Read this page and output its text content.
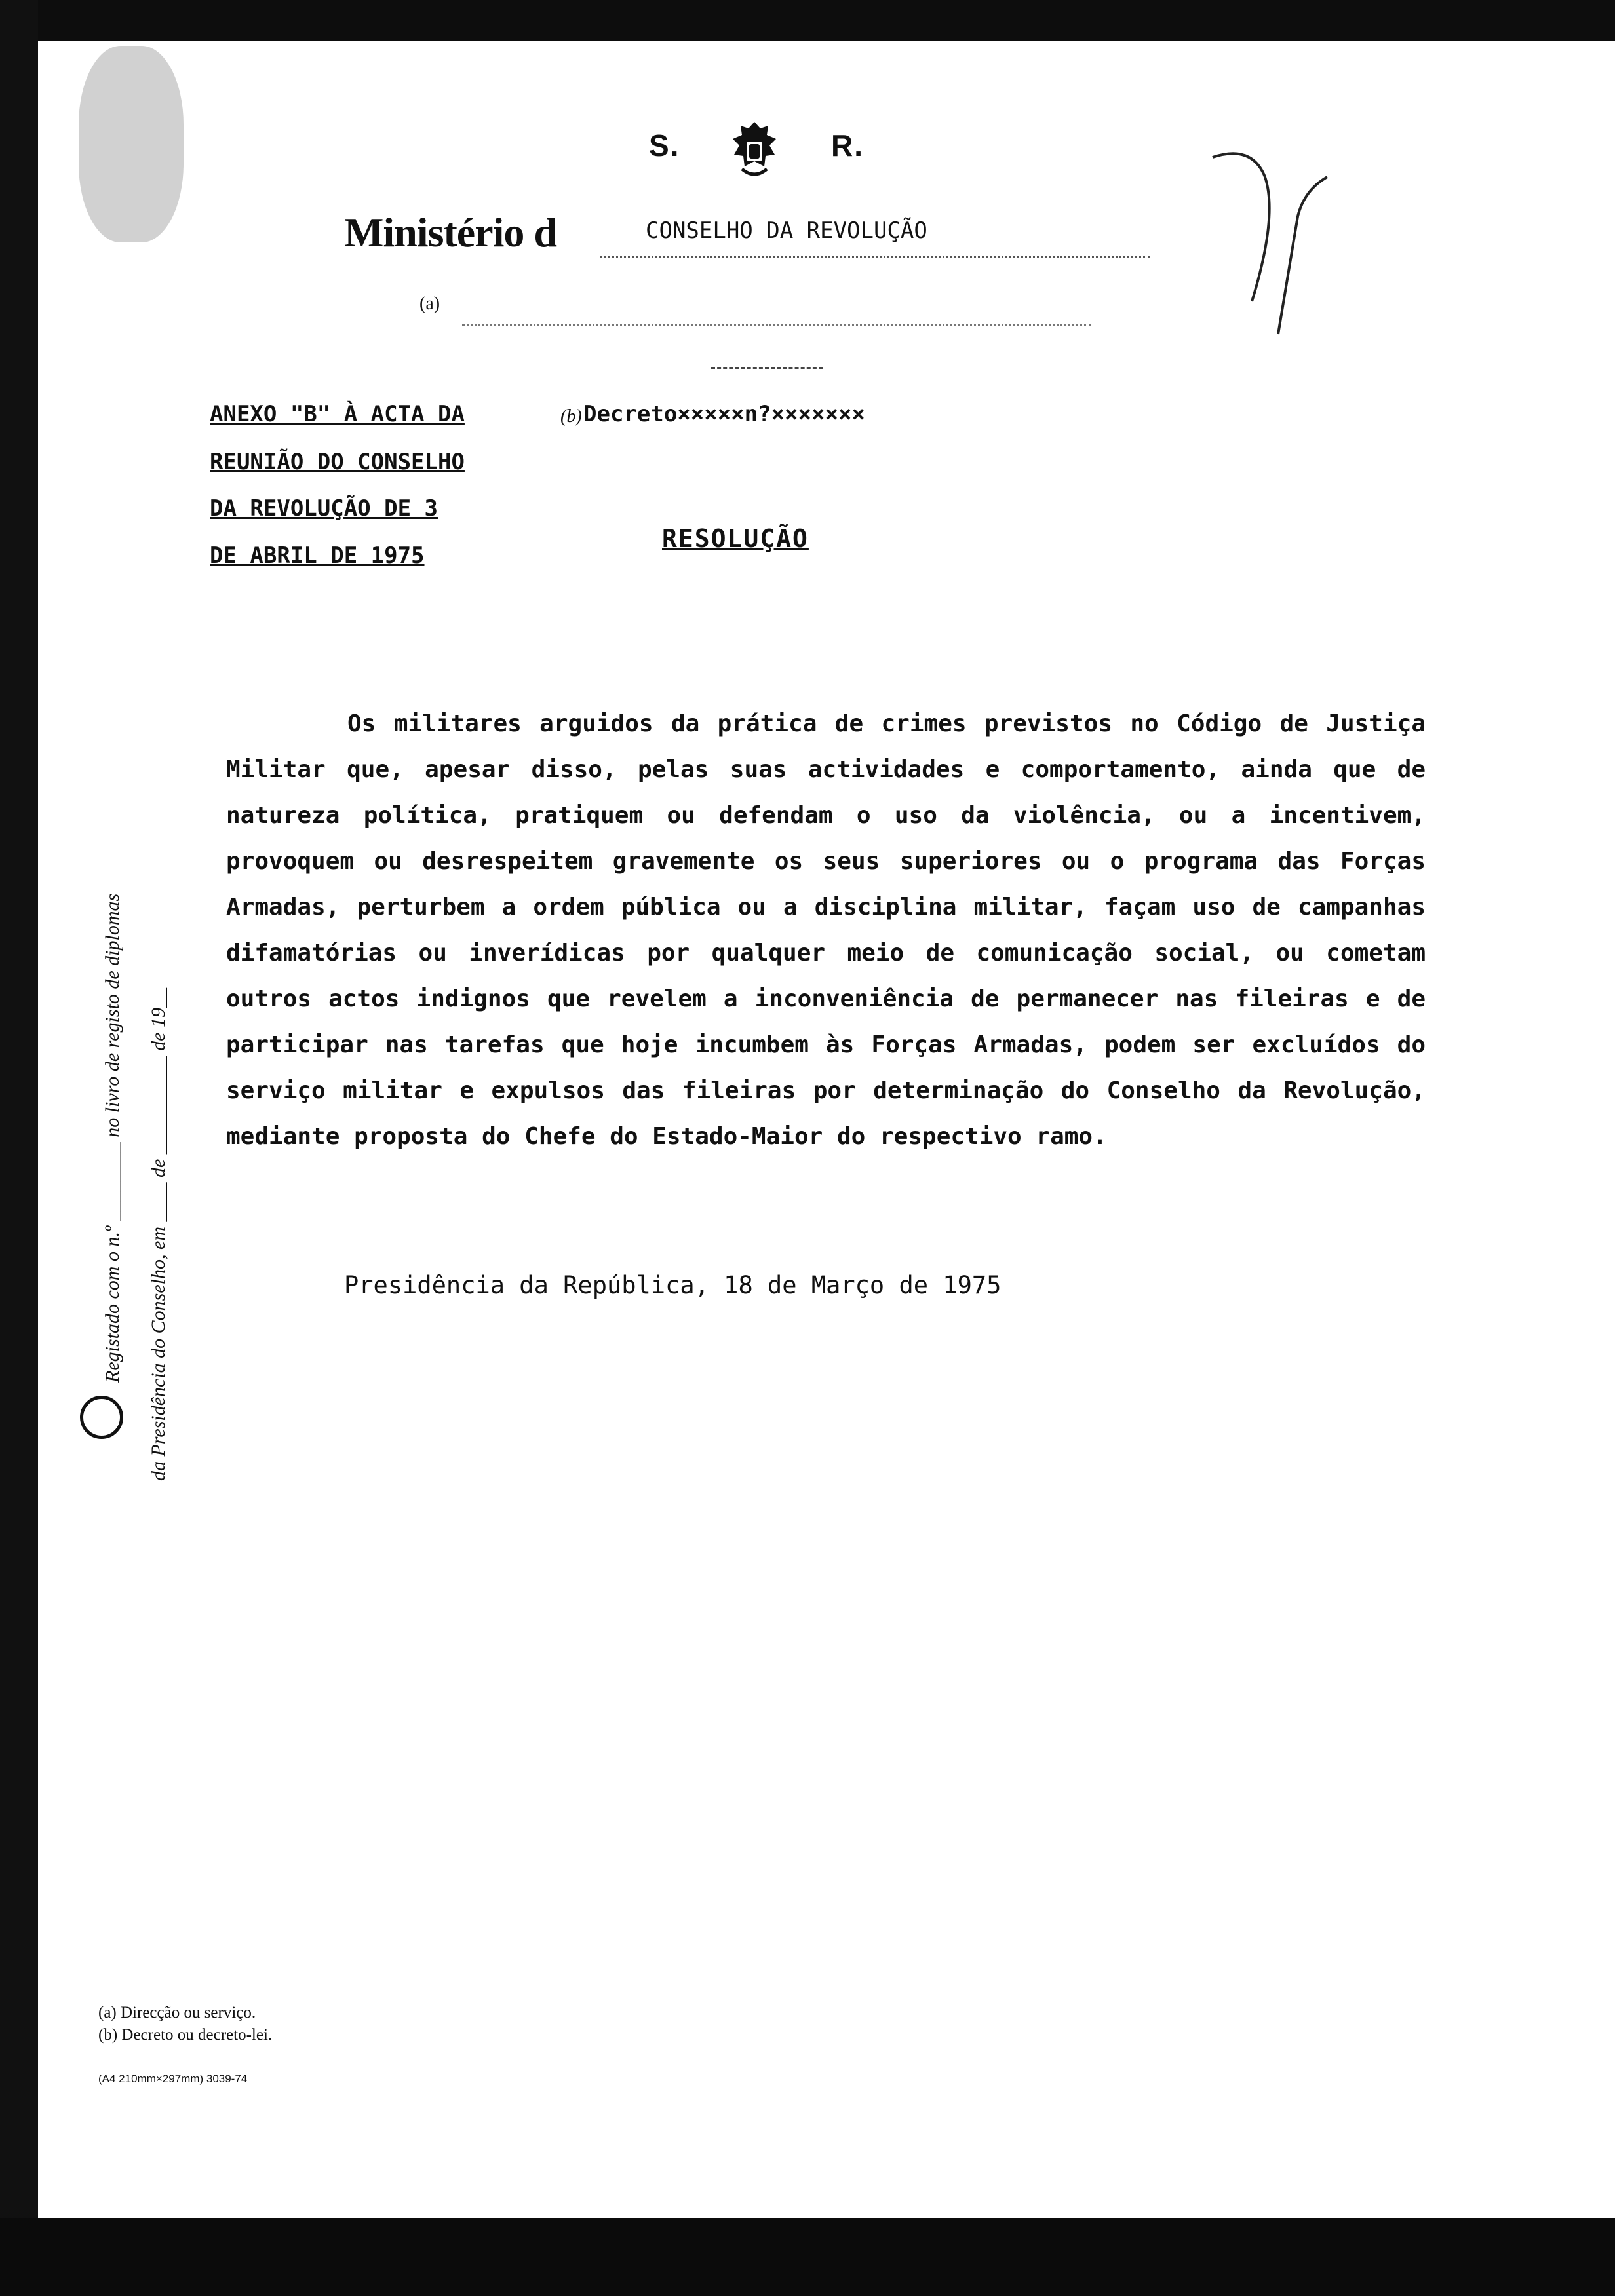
S.	R.
Ministério d	CONSELHO DA REVOLUÇÃO
(a)
ANEXO "B" À ACTA DA
REUNIÃO DO CONSELHO
DA REVOLUÇÃO DE 3
DE ABRIL DE 1975
(b) Decreto×××××n?×××××××
RESOLUÇÃO
Os militares arguidos da prática de crimes previstos no Código de Justiça Militar que, apesar disso, pelas suas actividades e comportamento, ainda que de natureza política, pratiquem ou defendam o uso da violência, ou a incentivem, provoquem ou desrespeitem gravemente os seus superiores ou o programa das Forças Armadas, perturbem a ordem pública ou a disciplina militar, façam uso de campanhas difamatórias ou inverídicas por qualquer meio de comunicação social, ou cometam outros actos indignos que revelem a inconveniência de permanecer nas fileiras e de participar nas tarefas que hoje incumbem às Forças Armadas, podem ser excluídos do serviço militar e expulsos das fileiras por determinação do Conselho da Revolução, mediante proposta do Chefe do Estado-Maior do respectivo ramo.
Presidência da República, 18 de Março de 1975
Registado com o n.º ________ no livro de registo de diplomas da Presidência do Conselho, em ____ de __________ de 19__
(a) Direcção ou serviço.
(b) Decreto ou decreto-lei.
(A4 210mm×297mm) 3039-74
